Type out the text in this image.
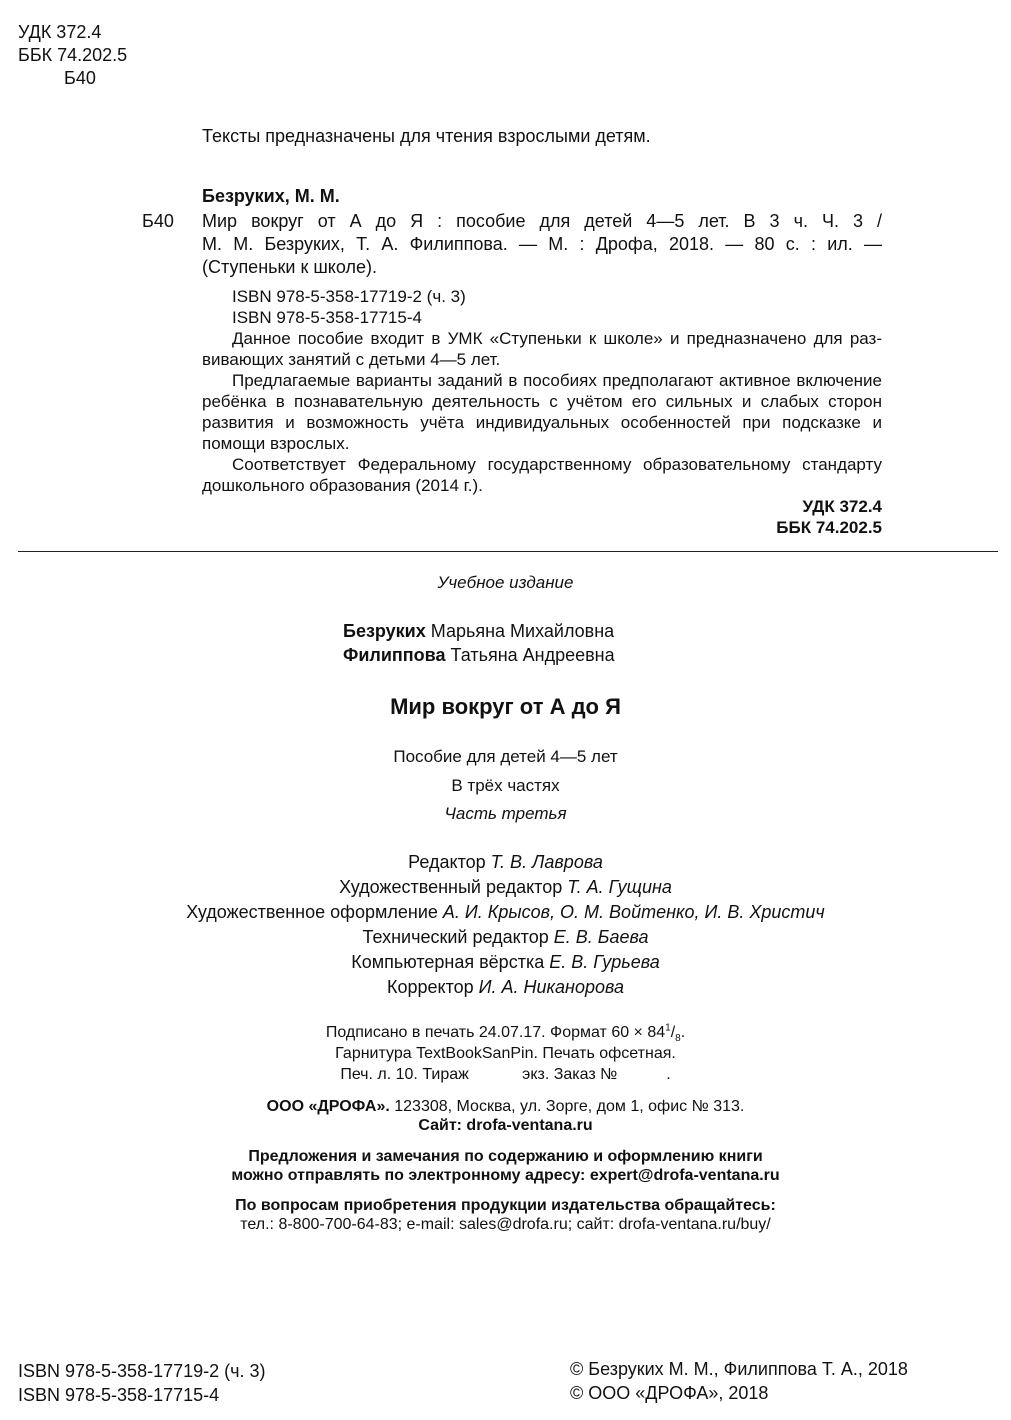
УДК 372.4

ББК 74.202.5

Б40

Тексты предназначены для чтения взрослыми детям.

Безруких, М. М.

Б40 Мир вокруг от А до Я : пособие для детей 4—5 лет. В 3 ч. Ч. 3 /

М. М. Безруких, Т. А. Филиппова. — М. : Дрофа, 2018. — 80 с. : ил. —

(Ступеньки к школе).

ISBN 978-5-358-17719-2 (ч. 3)

ISBN 978-5-358-17715-4

Данное пособие входит в УМК «Ступеньки к школе» и предназначено для раз-

вивающих занятий с детьми 4—5 лет.

Предлагаемые варианты заданий в пособиях предполагают активное включение

ребёнка в познавательную деятельность с учётом его сильных и слабых сторон

развития и возможность учёта индивидуальных особенностей при подсказке и

помощи взрослых.

Соответствует Федеральному государственному образовательному стандарту

дошкольного образования (2014 г.).

УДК 372.4

ББК 74.202.5

Учебное издание

Безруких Марьяна Михайловна

Филиппова Татьяна Андреевна

Мир вокруг от А до Я

Пособие для детей 4—5 лет

В трёх частях

Часть третья

Редактор Т. В. Лаврова

Художественный редактор Т. А. Гущина

Художественное оформление А. И. Крысов, О. М. Войтенко, И. В. Христич

Технический редактор Е. В. Баева

Компьютерная вёрстка Е. В. Гурьева

Корректор И. А. Никанорова

Подписано в печать 24.07.17. Формат $60 \times 84^1/_8$.

Гарнитура TextBookSanPin. Печать офсетная.

Печ. л. 10. Тираж            экз. Заказ №           .

ООО «ДРОФА». 123308, Москва, ул. Зорге, дом 1, офис № 313.

Сайт: drofa-ventana.ru

Предложения и замечания по содержанию и оформлению книги

можно отправлять по электронному адресу: expert@drofa-ventana.ru

По вопросам приобретения продукции издательства обращайтесь:

тел.: 8-800-700-64-83; e-mail: sales@drofa.ru; сайт: drofa-ventana.ru/buy/

ISBN 978-5-358-17719-2 (ч. 3)

ISBN 978-5-358-17715-4

© Безруких М. М., Филиппова Т. А., 2018

© ООО «ДРОФА», 2018
